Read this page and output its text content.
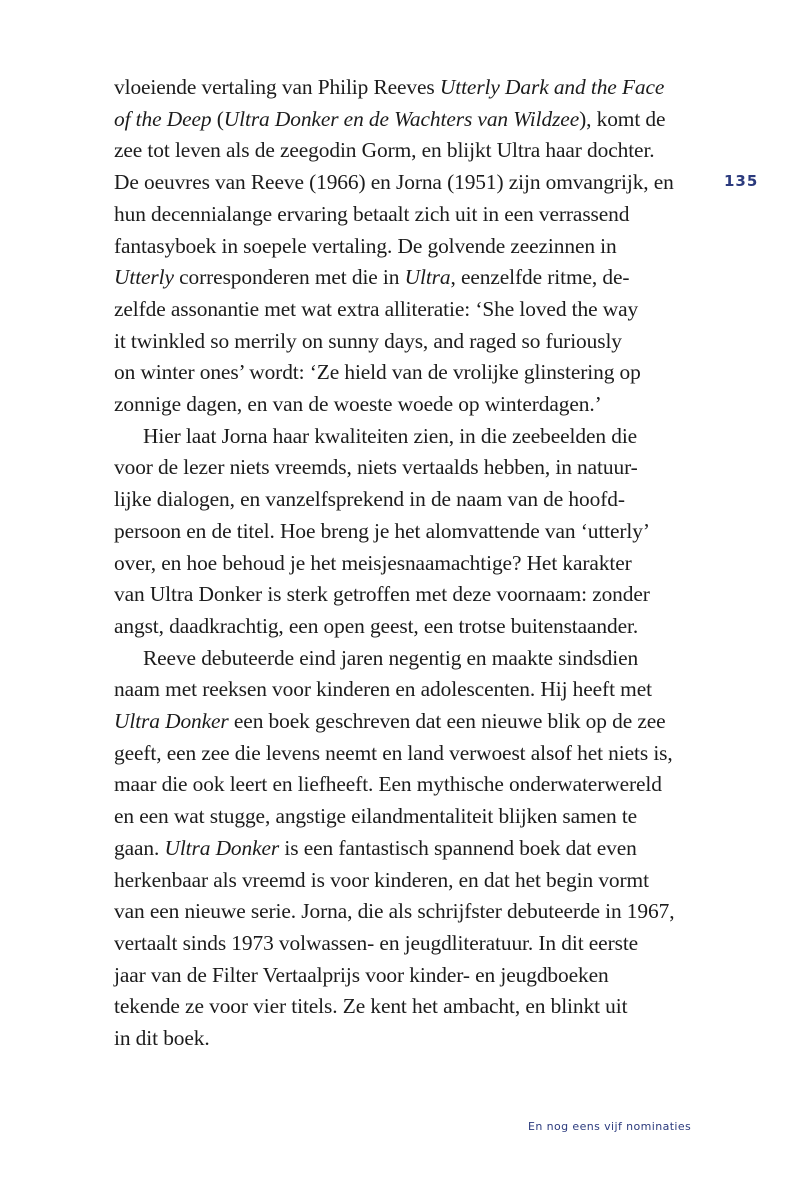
135
vloeiende vertaling van Philip Reeves Utterly Dark and the Face
of the Deep (Ultra Donker en de Wachters van Wildzee), komt de
zee tot leven als de zeegodin Gorm, en blijkt Ultra haar dochter.
De oeuvres van Reeve (1966) en Jorna (1951) zijn omvangrijk, en
hun decennialange ervaring betaalt zich uit in een verrassend
fantasyboek in soepele vertaling. De golvende zeezinnen in
Utterly corresponderen met die in Ultra, eenzelfde ritme, de-
zelfde assonantie met wat extra alliteratie: ‘She loved the way
it twinkled so merrily on sunny days, and raged so furiously
on winter ones’ wordt: ‘Ze hield van de vrolijke glinstering op
zonnige dagen, en van de woeste woede op winterdagen.’
Hier laat Jorna haar kwaliteiten zien, in die zeebeelden die
voor de lezer niets vreemds, niets vertaalds hebben, in natuur-
lijke dialogen, en vanzelfsprekend in de naam van de hoofd-
persoon en de titel. Hoe breng je het alomvattende van ‘utterly’
over, en hoe behoud je het meisjesnaamachtige? Het karakter
van Ultra Donker is sterk getroffen met deze voornaam: zonder
angst, daadkrachtig, een open geest, een trotse buitenstaander.
Reeve debuteerde eind jaren negentig en maakte sindsdien
naam met reeksen voor kinderen en adolescenten. Hij heeft met
Ultra Donker een boek geschreven dat een nieuwe blik op de zee
geeft, een zee die levens neemt en land verwoest alsof het niets is,
maar die ook leert en liefheeft. Een mythische onderwaterwereld
en een wat stugge, angstige eilandmentaliteit blijken samen te
gaan. Ultra Donker is een fantastisch spannend boek dat even
herkenbaar als vreemd is voor kinderen, en dat het begin vormt
van een nieuwe serie. Jorna, die als schrijfster debuteerde in 1967,
vertaalt sinds 1973 volwassen- en jeugdliteratuur. In dit eerste
jaar van de Filter Vertaalprijs voor kinder- en jeugdboeken
tekende ze voor vier titels. Ze kent het ambacht, en blinkt uit
in dit boek.
En nog eens vijf nominaties
